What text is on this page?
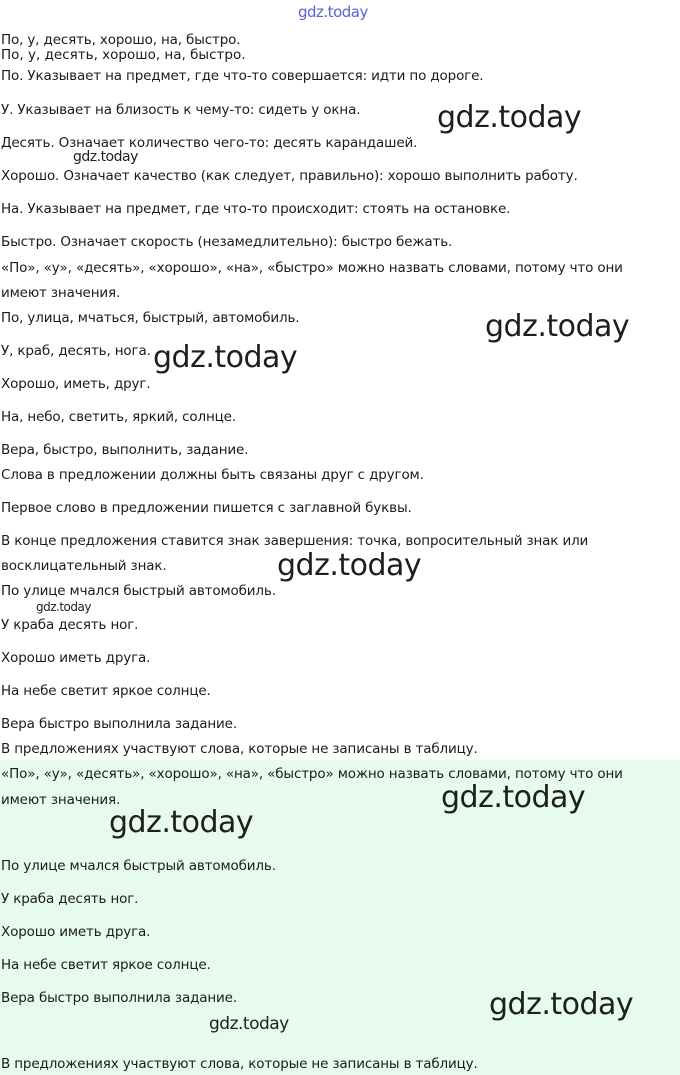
По, у, десять, хорошо, на, быстро.
По, у, десять, хорошо, на, быстро.
По. Указывает на предмет, где что-то совершается: идти по дороге.
У. Указывает на близость к чему-то: сидеть у окна.
Десять. Означает количество чего-то: десять карандашей.
Хорошо. Означает качество (как следует, правильно): хорошо выполнить работу.
На. Указывает на предмет, где что-то происходит: стоять на остановке.
Быстро. Означает скорость (незамедлительно): быстро бежать.
«По», «у», «десять», «хорошо», «на», «быстро» можно назвать словами, потому что они
имеют значения.
По, улица, мчаться, быстрый, автомобиль.
У, краб, десять, нога.
Хорошо, иметь, друг.
На, небо, светить, яркий, солнце.
Вера, быстро, выполнить, задание.
Слова в предложении должны быть связаны друг с другом.
Первое слово в предложении пишется с заглавной буквы.
В конце предложения ставится знак завершения: точка, вопросительный знак или
восклицательный знак.
По улице мчался быстрый автомобиль.
У краба десять ног.
Хорошо иметь друга.
На небе светит яркое солнце.
Вера быстро выполнила задание.
В предложениях участвуют слова, которые не записаны в таблицу.
«По», «у», «десять», «хорошо», «на», «быстро» можно назвать словами, потому что они
имеют значения.
По улице мчался быстрый автомобиль.
У краба десять ног.
Хорошо иметь друга.
На небе светит яркое солнце.
Вера быстро выполнила задание.
В предложениях участвуют слова, которые не записаны в таблицу.
gdz.today
gdz.today
gdz.today
gdz.today
gdz.today
gdz.today
gdz.today
gdz.today
gdz.today
gdz.today
gdz.today
